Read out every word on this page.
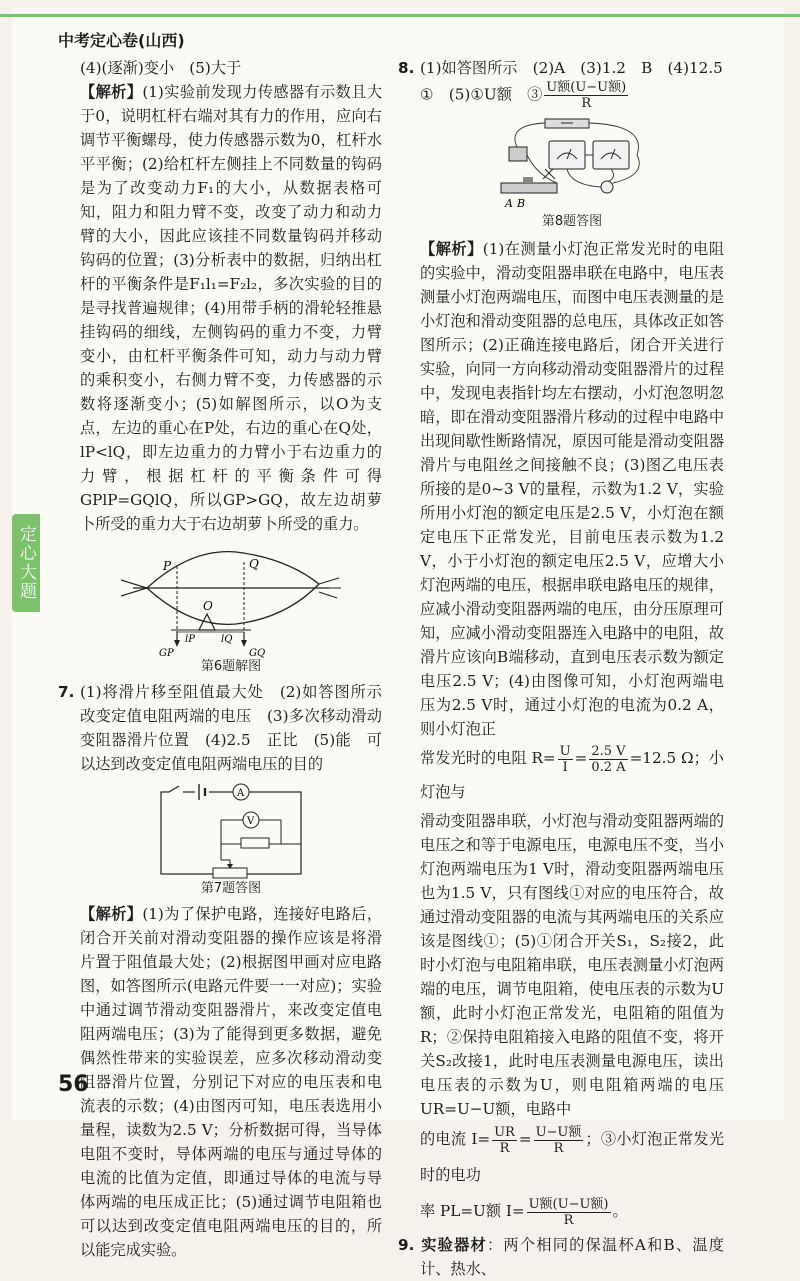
中考定心卷(山西)
定心大题

(4)(逐渐)变小　(5)大于

【解析】(1)实验前发现力传感器有示数且大于0，说明杠杆右端对其有力的作用，应向右调节平衡螺母，使力传感器示数为0，杠杆水平平衡；(2)给杠杆左侧挂上不同数量的钩码是为了改变动力F₁的大小，从数据表格可知，阻力和阻力臂不变，改变了动力和动力臂的大小，因此应该挂不同数量钩码并移动钩码的位置；(3)分析表中的数据，归纳出杠杆的平衡条件是F₁l₁=F₂l₂，多次实验的目的是寻找普遍规律；(4)用带手柄的滑轮轻推悬挂钩码的细线，左侧钩码的重力不变，力臂变小，由杠杆平衡条件可知，动力与动力臂的乘积变小，右侧力臂不变，力传感器的示数将逐渐变小；(5)如解图所示，以O为支点，左边的重心在P处，右边的重心在Q处，lP<lQ，即左边重力的力臂小于右边重力的力臂，根据杠杆的平衡条件可得GPlP=GQlQ，所以GP>GQ，故左边胡萝卜所受的重力大于右边胡萝卜所受的重力。

P	Q
O
GP
lP	lQ
GQ
第6题解图

7. (1)将滑片移至阻值最大处　(2)如答图所示　改变定值电阻两端的电压　(3)多次移动滑动变阻器滑片位置　(4)2.5　正比　(5)能　可以达到改变定值电阻两端电压的目的

A
V
第7题答图

【解析】(1)为了保护电路，连接好电路后，闭合开关前对滑动变阻器的操作应该是将滑片置于阻值最大处；(2)根据图甲画对应电路图，如答图所示(电路元件要一一对应)；实验中通过调节滑动变阻器滑片，来改变定值电阻两端电压；(3)为了能得到更多数据，避免偶然性带来的实验误差，应多次移动滑动变阻器滑片位置，分别记下对应的电压表和电流表的示数；(4)由图丙可知，电压表选用小量程，读数为2.5 V；分析数据可得，当导体电阻不变时，导体两端的电压与通过导体的电流的比值为定值，即通过导体的电流与导体两端的电压成正比；(5)通过调节电阻箱也可以达到改变定值电阻两端电压的目的，所以能完成实验。

8. (1)如答图所示　(2)A　(3)1.2　B　(4)12.5

①　(5)①U额　③ $\frac{\text{U额(U−U额)}}{R}$

A B
第8题答图

【解析】(1)在测量小灯泡正常发光时的电阻的实验中，滑动变阻器串联在电路中，电压表测量小灯泡两端电压，而图中电压表测量的是小灯泡和滑动变阻器的总电压，具体改正如答图所示；(2)正确连接电路后，闭合开关进行实验，向同一方向移动滑动变阻器滑片的过程中，发现电表指针均左右摆动，小灯泡忽明忽暗，即在滑动变阻器滑片移动的过程中电路中出现间歇性断路情况，原因可能是滑动变阻器滑片与电阻丝之间接触不良；(3)图乙电压表所接的是0~3 V的量程，示数为1.2 V，实验所用小灯泡的额定电压是2.5 V，小灯泡在额定电压下正常发光，目前电压表示数为1.2 V，小于小灯泡的额定电压2.5 V，应增大小灯泡两端的电压，根据串联电路电压的规律，应减小滑动变阻器两端的电压，由分压原理可知，应减小滑动变阻器连入电路中的电阻，故滑片应该向B端移动，直到电压表示数为额定电压2.5 V；(4)由图像可知，小灯泡两端电压为2.5 V时，通过小灯泡的电流为0.2 A，则小灯泡正

常发光时的电阻 $R= \frac{U}{I} = \frac{2.5 V}{0.2 A} =12.5$ Ω；小灯泡与

滑动变阻器串联，小灯泡与滑动变阻器两端的电压之和等于电源电压，电源电压不变，当小灯泡两端电压为1 V时，滑动变阻器两端电压也为1.5 V，只有图线①对应的电压符合，故通过滑动变阻器的电流与其两端电压的关系应该是图线①；(5)①闭合开关S₁，S₂接2，此时小灯泡与电阻箱串联，电压表测量小灯泡两端的电压，调节电阻箱，使电压表的示数为U额，此时小灯泡正常发光，电阻箱的阻值为R；②保持电阻箱接入电路的阻值不变，将开关S₂改接1，此时电压表测量电源电压，读出电压表的示数为U，则电阻箱两端的电压UR=U−U额，电路中

的电流 $I= \frac{UR}{R} = \frac{\text{U−U额}}{R}$ ；③小灯泡正常发光时的电功

率 PL=U额 $I= \frac{\text{U额(U−U额)}}{R}$ 。

9. 实验器材：两个相同的保温杯A和B、温度计、热水、

56
